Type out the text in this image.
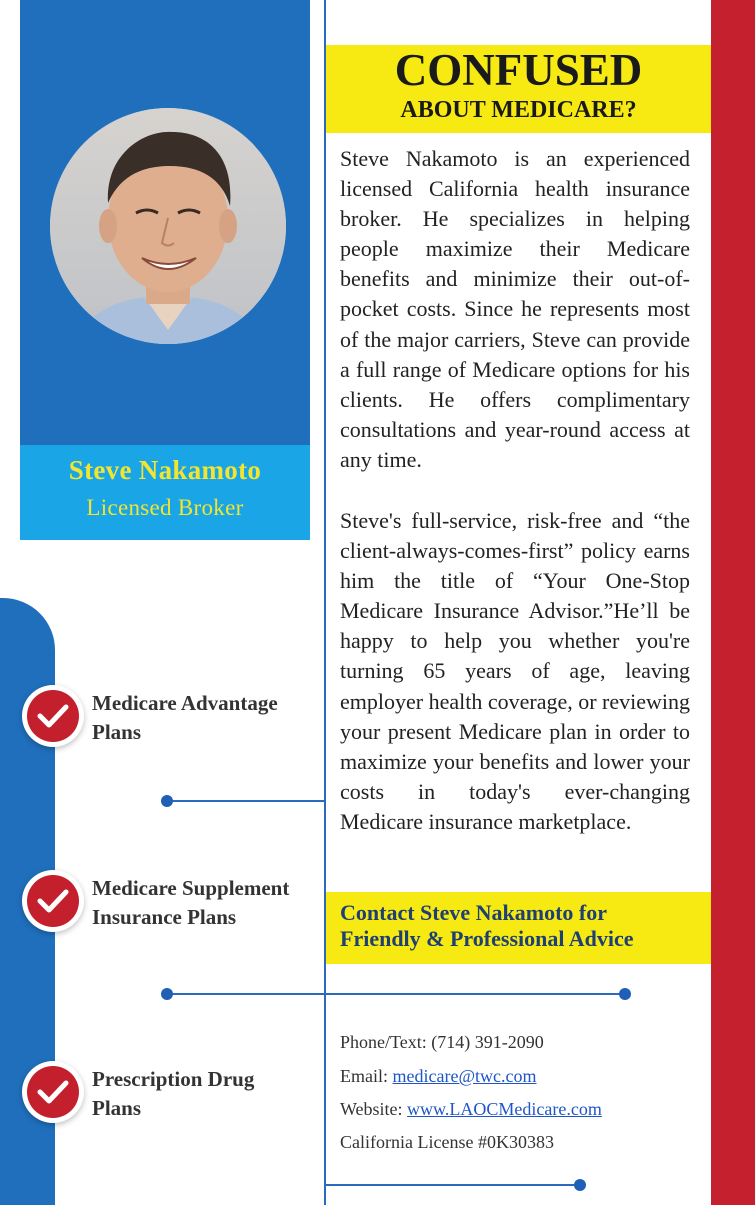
Steve Nakamoto
Licensed Broker
CONFUSED
ABOUT MEDICARE?
Steve Nakamoto is an experienced licensed California health insurance broker. He specializes in helping people maximize their Medicare benefits and minimize their out-of-pocket costs. Since he represents most of the major carriers, Steve can provide a full range of Medicare options for his clients. He offers complimentary consultations and year-round access at any time.
Steve's full-service, risk-free and “the client-always-comes-first” policy earns him the title of “Your One-Stop Medicare Insurance Advisor.”He’ll be happy to help you whether you're turning 65 years of age, leaving employer health coverage, or reviewing your present Medicare plan in order to maximize your benefits and lower your costs in today's ever-changing Medicare insurance marketplace.
Medicare Advantage
Plans
Medicare Supplement
Insurance Plans
Prescription Drug
Plans
Contact Steve Nakamoto for
Friendly & Professional Advice
Phone/Text: (714) 391-2090
Email: medicare@twc.com
Website: www.LAOCMedicare.com
California License #0K30383
